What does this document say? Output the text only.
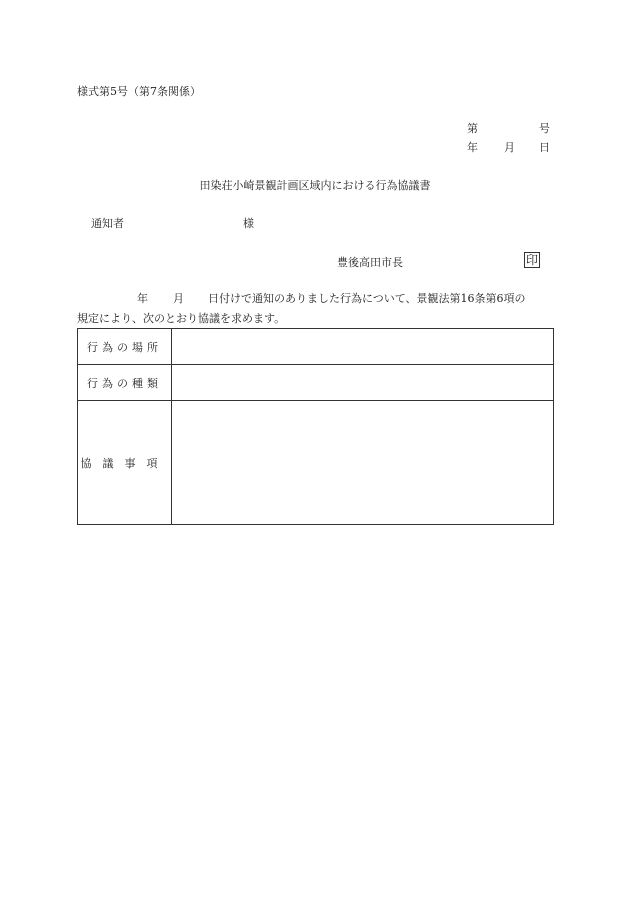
様式第5号（第7条関係）
第	号
年 月 日
田染荘小崎景観計画区域内における行為協議書
通知者	様
豊後高田市長	印
年 月 日付けで通知のありました行為について、景観法第16条第6項の
規定により、次のとおり協議を求めます。
行為の場所	
行為の種類	
協議事項	
